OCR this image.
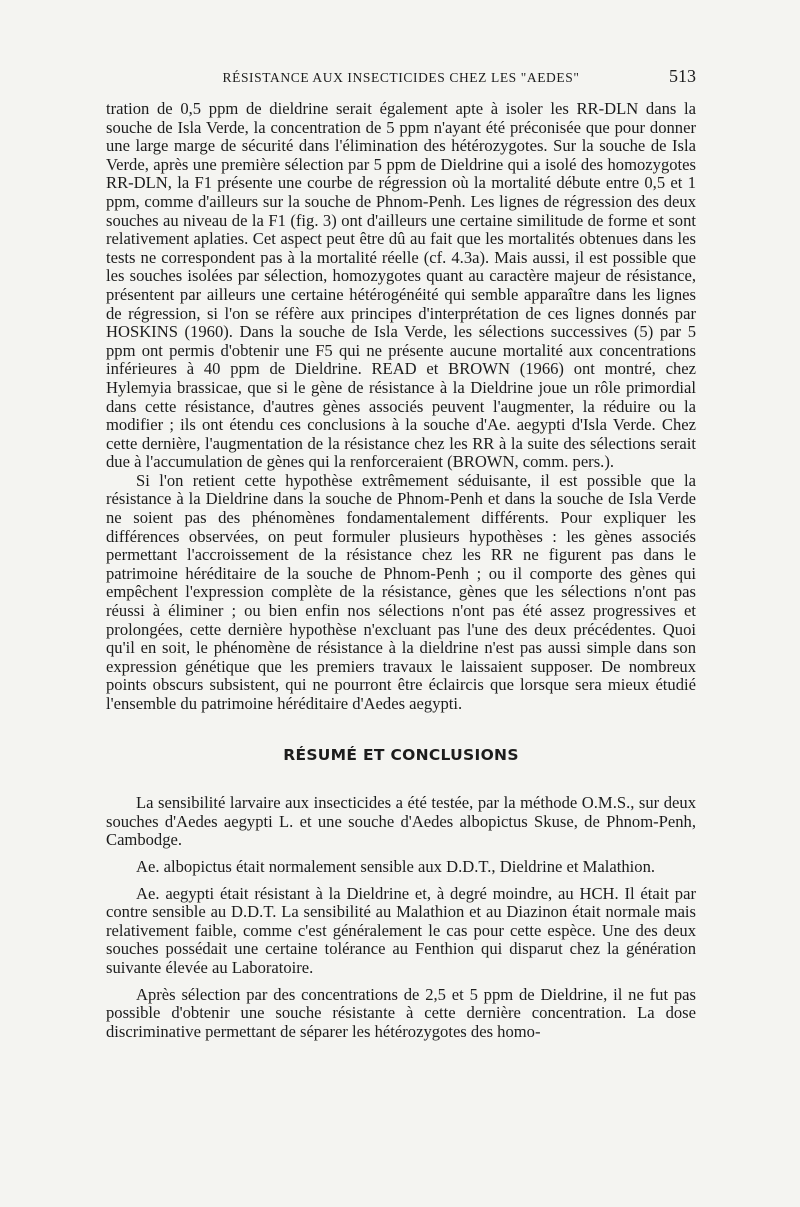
RÉSISTANCE AUX INSECTICIDES CHEZ LES "AEDES"	513

tration de 0,5 ppm de dieldrine serait également apte à isoler les RR-DLN dans la souche de Isla Verde, la concentration de 5 ppm n'ayant été préconisée que pour donner une large marge de sécurité dans l'élimination des hétérozygotes. Sur la souche de Isla Verde, après une première sélection par 5 ppm de Dieldrine qui a isolé des homozygotes RR-DLN, la F1 présente une courbe de régression où la mortalité débute entre 0,5 et 1 ppm, comme d'ailleurs sur la souche de Phnom-Penh. Les lignes de régression des deux souches au niveau de la F1 (fig. 3) ont d'ailleurs une certaine similitude de forme et sont relativement aplaties. Cet aspect peut être dû au fait que les mortalités obtenues dans les tests ne correspondent pas à la mortalité réelle (cf. 4.3a). Mais aussi, il est possible que les souches isolées par sélection, homozygotes quant au caractère majeur de résistance, présentent par ailleurs une certaine hétérogénéité qui semble apparaître dans les lignes de régression, si l'on se réfère aux principes d'interprétation de ces lignes donnés par HOSKINS (1960). Dans la souche de Isla Verde, les sélections successives (5) par 5 ppm ont permis d'obtenir une F5 qui ne présente aucune mortalité aux concentrations inférieures à 40 ppm de Dieldrine. READ et BROWN (1966) ont montré, chez Hylemyia brassicae, que si le gène de résistance à la Dieldrine joue un rôle primordial dans cette résistance, d'autres gènes associés peuvent l'augmenter, la réduire ou la modifier ; ils ont étendu ces conclusions à la souche d'Ae. aegypti d'Isla Verde. Chez cette dernière, l'augmentation de la résistance chez les RR à la suite des sélections serait due à l'accumulation de gènes qui la renforceraient (BROWN, comm. pers.).

Si l'on retient cette hypothèse extrêmement séduisante, il est possible que la résistance à la Dieldrine dans la souche de Phnom-Penh et dans la souche de Isla Verde ne soient pas des phénomènes fondamentalement différents. Pour expliquer les différences observées, on peut formuler plusieurs hypothèses : les gènes associés permettant l'accroissement de la résistance chez les RR ne figurent pas dans le patrimoine héréditaire de la souche de Phnom-Penh ; ou il comporte des gènes qui empêchent l'expression complète de la résistance, gènes que les sélections n'ont pas réussi à éliminer ; ou bien enfin nos sélections n'ont pas été assez progressives et prolongées, cette dernière hypothèse n'excluant pas l'une des deux précédentes. Quoi qu'il en soit, le phénomène de résistance à la dieldrine n'est pas aussi simple dans son expression génétique que les premiers travaux le laissaient supposer. De nombreux points obscurs subsistent, qui ne pourront être éclaircis que lorsque sera mieux étudié l'ensemble du patrimoine héréditaire d'Aedes aegypti.

RÉSUMÉ ET CONCLUSIONS

La sensibilité larvaire aux insecticides a été testée, par la méthode O.M.S., sur deux souches d'Aedes aegypti L. et une souche d'Aedes albopictus Skuse, de Phnom-Penh, Cambodge.

Ae. albopictus était normalement sensible aux D.D.T., Dieldrine et Malathion.

Ae. aegypti était résistant à la Dieldrine et, à degré moindre, au HCH. Il était par contre sensible au D.D.T. La sensibilité au Malathion et au Diazinon était normale mais relativement faible, comme c'est généralement le cas pour cette espèce. Une des deux souches possédait une certaine tolérance au Fenthion qui disparut chez la génération suivante élevée au Laboratoire.

Après sélection par des concentrations de 2,5 et 5 ppm de Dieldrine, il ne fut pas possible d'obtenir une souche résistante à cette dernière concentration. La dose discriminative permettant de séparer les hétérozygotes des homo-
